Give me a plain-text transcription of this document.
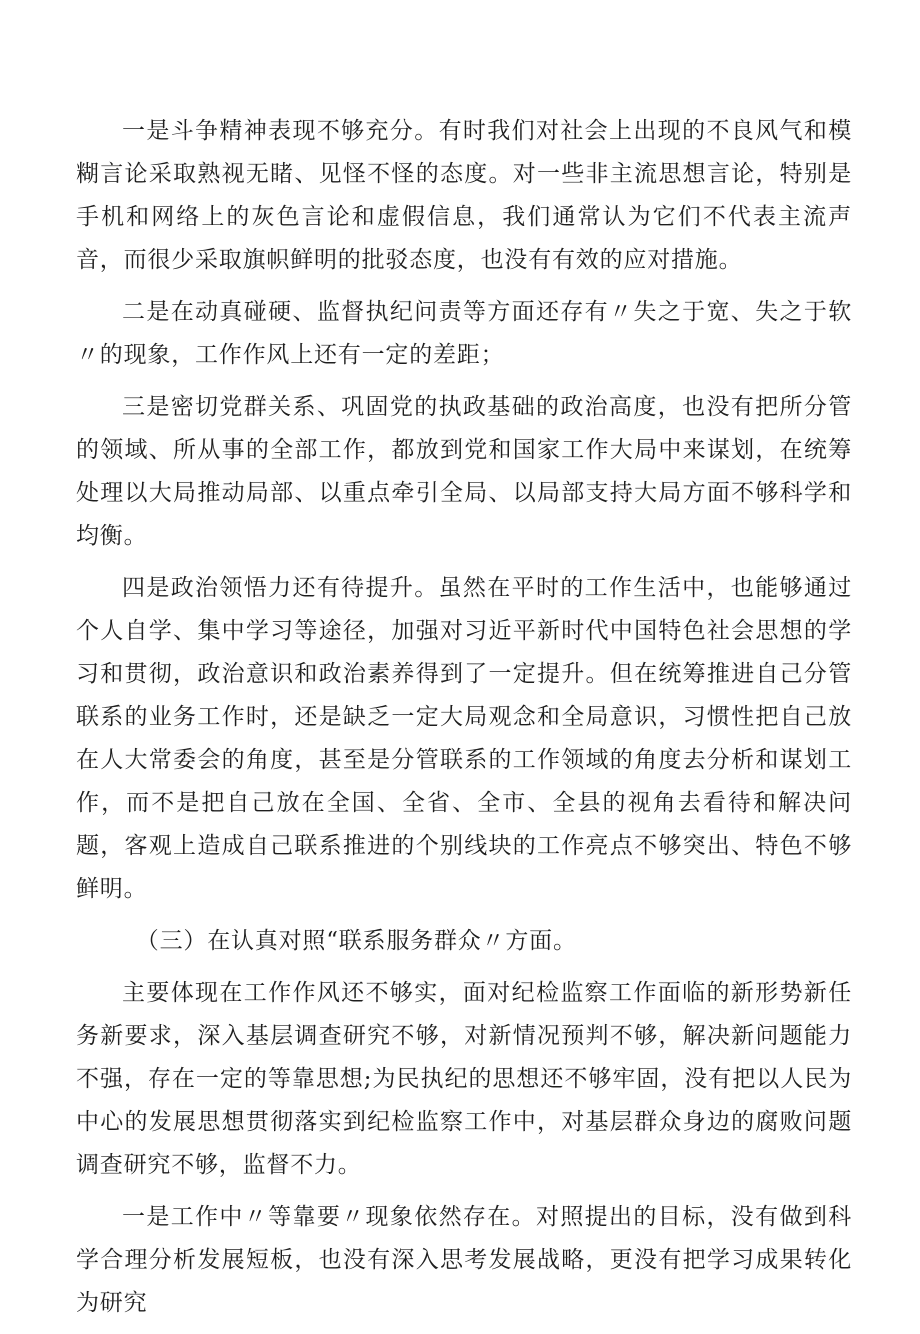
一是斗争精神表现不够充分。有时我们对社会上出现的不良风气和模糊言论采取熟视无睹、见怪不怪的态度。对一些非主流思想言论，特别是手机和网络上的灰色言论和虚假信息，我们通常认为它们不代表主流声音，而很少采取旗帜鲜明的批驳态度，也没有有效的应对措施。

二是在动真碰硬、监督执纪问责等方面还存有〃失之于宽、失之于软〃的现象，工作作风上还有一定的差距；

三是密切党群关系、巩固党的执政基础的政治高度，也没有把所分管的领域、所从事的全部工作，都放到党和国家工作大局中来谋划，在统筹处理以大局推动局部、以重点牵引全局、以局部支持大局方面不够科学和均衡。

四是政治领悟力还有待提升。虽然在平时的工作生活中，也能够通过个人自学、集中学习等途径，加强对习近平新时代中国特色社会思想的学习和贯彻，政治意识和政治素养得到了一定提升。但在统筹推进自己分管联系的业务工作时，还是缺乏一定大局观念和全局意识，习惯性把自己放在人大常委会的角度，甚至是分管联系的工作领域的角度去分析和谋划工作，而不是把自己放在全国、全省、全市、全县的视角去看待和解决问题，客观上造成自己联系推进的个别线块的工作亮点不够突出、特色不够鲜明。

（三）在认真对照“联系服务群众〃方面。

主要体现在工作作风还不够实，面对纪检监察工作面临的新形势新任务新要求，深入基层调查研究不够，对新情况预判不够，解决新问题能力不强，存在一定的等靠思想;为民执纪的思想还不够牢固，没有把以人民为中心的发展思想贯彻落实到纪检监察工作中，对基层群众身边的腐败问题调查研究不够，监督不力。

一是工作中〃等靠要〃现象依然存在。对照提出的目标，没有做到科学合理分析发展短板，也没有深入思考发展战略，更没有把学习成果转化为研究
